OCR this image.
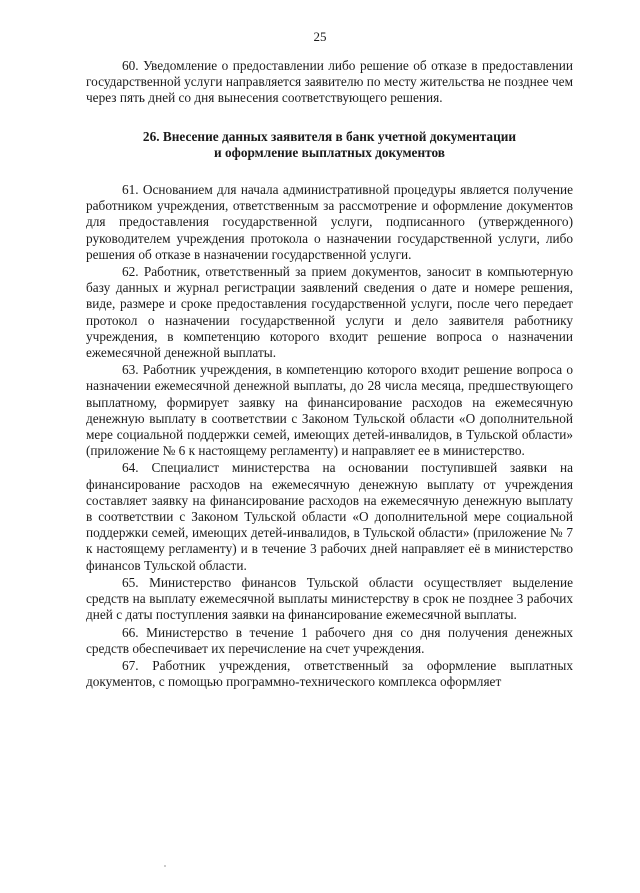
25

60. Уведомление о предоставлении либо решение об отказе в предоставлении государственной услуги направляется заявителю по месту жительства не позднее чем через пять дней со дня вынесения соответствующего решения.

26. Внесение данных заявителя в банк учетной документации
и оформление выплатных документов

61. Основанием для начала административной процедуры является получение работником учреждения, ответственным за рассмотрение и оформление документов для предоставления государственной услуги, подписанного (утвержденного) руководителем учреждения протокола о назначении государственной услуги, либо решения об отказе в назначении государственной услуги.

62. Работник, ответственный за прием документов, заносит в компьютерную базу данных и журнал регистрации заявлений сведения о дате и номере решения, виде, размере и сроке предоставления государственной услуги, после чего передает протокол о назначении государственной услуги и дело заявителя работнику учреждения, в компетенцию которого входит решение вопроса о назначении ежемесячной денежной выплаты.

63. Работник учреждения, в компетенцию которого входит решение вопроса о назначении ежемесячной денежной выплаты, до 28 числа месяца, предшествующего выплатному, формирует заявку на финансирование расходов на ежемесячную денежную выплату в соответствии с Законом Тульской области «О дополнительной мере социальной поддержки семей, имеющих детей-инвалидов, в Тульской области» (приложение № 6 к настоящему регламенту) и направляет ее в министерство.

64. Специалист министерства на основании поступившей заявки на финансирование расходов на ежемесячную денежную выплату от учреждения составляет заявку на финансирование расходов на ежемесячную денежную выплату в соответствии с Законом Тульской области «О дополнительной мере социальной поддержки семей, имеющих детей-инвалидов, в Тульской области» (приложение № 7 к настоящему регламенту) и в течение 3 рабочих дней направляет её в министерство финансов Тульской области.

65. Министерство финансов Тульской области осуществляет выделение средств на выплату ежемесячной выплаты министерству в срок не позднее 3 рабочих дней с даты поступления заявки на финансирование ежемесячной выплаты.

66. Министерство в течение 1 рабочего дня со дня получения денежных средств обеспечивает их перечисление на счет учреждения.

67. Работник учреждения, ответственный за оформление выплатных документов, с помощью программно-технического комплекса оформляет
